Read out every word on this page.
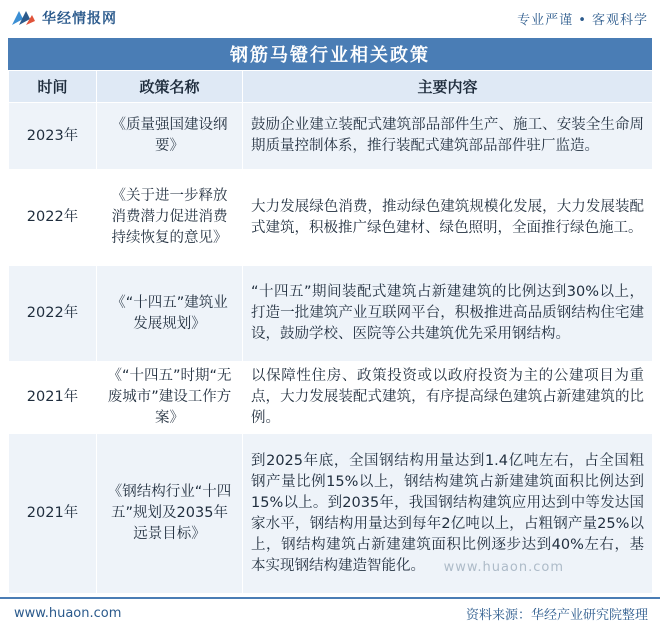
华经情报网	专业严谨 • 客观科学
钢筋马镫行业相关政策
时间	政策名称	主要内容
2023年	《质量强国建设纲要》	鼓励企业建立装配式建筑部品部件生产、施工、安装全生命周期质量控制体系，推行装配式建筑部品部件驻厂监造。
2022年	《关于进一步释放消费潜力促进消费持续恢复的意见》	大力发展绿色消费，推动绿色建筑规模化发展，大力发展装配式建筑，积极推广绿色建材、绿色照明，全面推行绿色施工。
2022年	《“十四五”建筑业发展规划》	“十四五”期间装配式建筑占新建建筑的比例达到30%以上，打造一批建筑产业互联网平台，积极推进高品质钢结构住宅建设，鼓励学校、医院等公共建筑优先采用钢结构。
2021年	《“十四五”时期“无废城市”建设工作方案》	以保障性住房、政策投资或以政府投资为主的公建项目为重点，大力发展装配式建筑，有序提高绿色建筑占新建建筑的比例。
2021年	《钢结构行业“十四五”规划及2035年远景目标》	到2025年底，全国钢结构用量达到1.4亿吨左右，占全国粗钢产量比例15%以上，钢结构建筑占新建建筑面积比例达到15%以上。到2035年，我国钢结构建筑应用达到中等发达国家水平，钢结构用量达到每年2亿吨以上，占粗钢产量25%以上，钢结构建筑占新建建筑面积比例逐步达到40%左右，基本实现钢结构建造智能化。 www.huaon.com
www.huaon.com	资料来源：华经产业研究院整理
